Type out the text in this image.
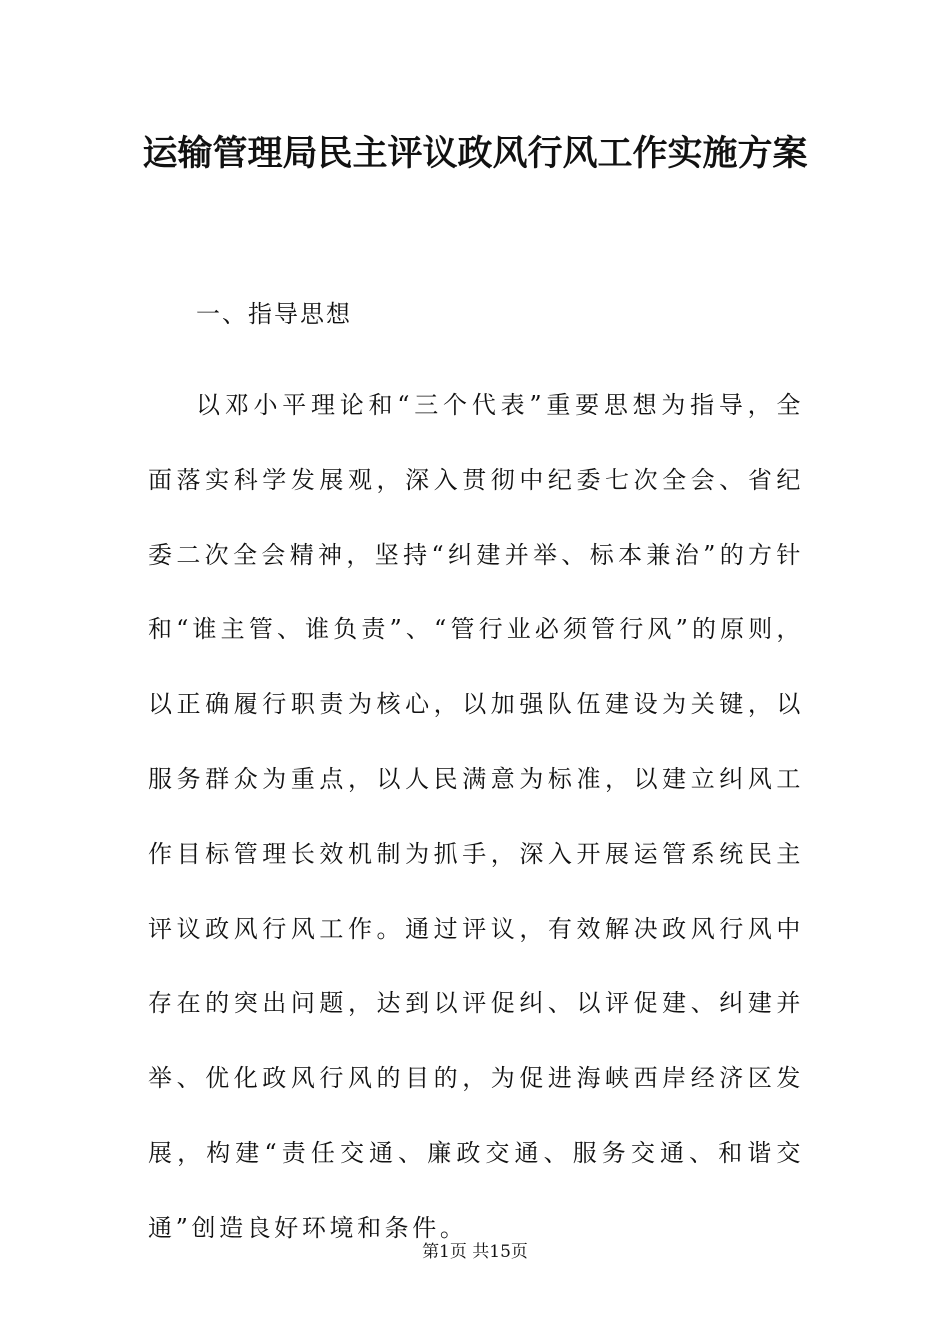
运输管理局民主评议政风行风工作实施方案

一、指导思想

以邓小平理论和“三个代表”重要思想为指导，全面落实科学发展观，深入贯彻中纪委七次全会、省纪委二次全会精神，坚持“纠建并举、标本兼治”的方针和“谁主管、谁负责”、“管行业必须管行风”的原则，以正确履行职责为核心，以加强队伍建设为关键，以服务群众为重点，以人民满意为标准，以建立纠风工作目标管理长效机制为抓手，深入开展运管系统民主评议政风行风工作。通过评议，有效解决政风行风中存在的突出问题，达到以评促纠、以评促建、纠建并举、优化政风行风的目的，为促进海峡西岸经济区发展，构建“责任交通、廉政交通、服务交通、和谐交通”创造良好环境和条件。

第1页 共15页
